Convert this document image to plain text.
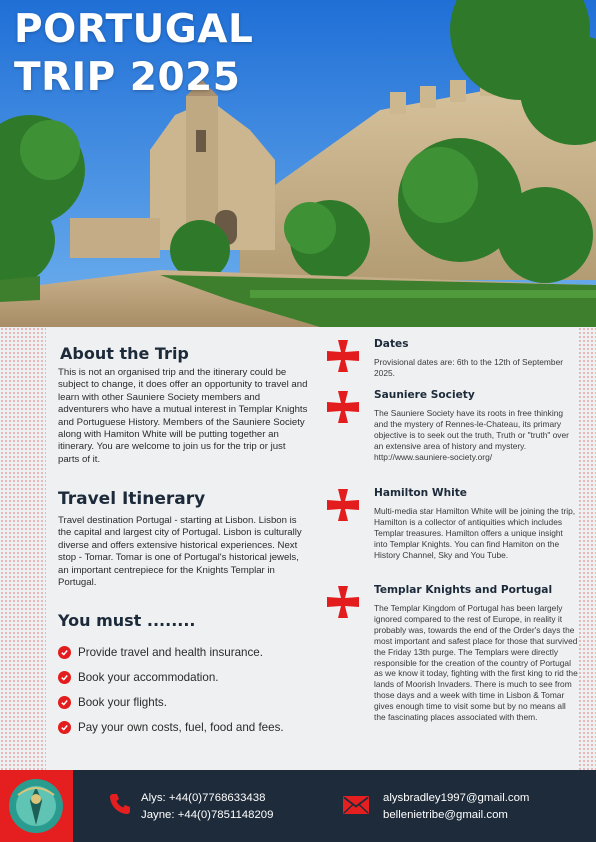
PORTUGAL
TRIP 2025
About the Trip

This is not an organised trip and the itinerary could be subject to change, it does offer an opportunity to travel and learn with other Sauniere Society members and adventurers who have a mutual interest in Templar Knights and Portuguese History. Members of the Sauniere Society along with Hamiton White will be putting together an itinerary. You are welcome to join us for the trip or just parts of it.

Travel Itinerary

Travel destination Portugal - starting at Lisbon. Lisbon is the capital and largest city of Portugal. Lisbon is culturally diverse and offers extensive historical experiences. Next stop - Tomar. Tomar is one of Portugal's historical jewels, an important centrepiece for the Knights Templar in Portugal.

You must ........
Provide travel and health insurance.
Book your accommodation.
Book your flights.
Pay your own costs, fuel, food and fees.
Dates

Provisional dates are: 6th to the 12th of September 2025.

Sauniere Society

The Sauniere Society have its roots in free thinking and the mystery of Rennes-le-Chateau, its primary objective is to seek out the truth, Truth or "truth" over an extensive area of history and mystery.
http://www.sauniere-society.org/

Hamilton White

Multi-media star Hamilton White will be joining the trip, Hamilton is a collector of antiquities which includes Templar treasures. Hamilton offers a unique insight into Templar Knights. You can find Hamiton on the History Channel, Sky and You Tube.

Templar Knights and Portugal

The Templar Kingdom of Portugal has been largely ignored compared to the rest of Europe, in reality it probably was, towards the end of the Order's days the most important and safest place for those that survived the Friday 13th purge. The Templars were directly responsible for the creation of the country of Portugal as we know it today, fighting with the first king to rid the lands of Moorish Invaders. There is much to see from those days and a week with time in Lisbon & Tomar gives enough time to visit some but by no means all the fascinating places associated with them.

Alys: +44(0)7768633438
Jayne: +44(0)7851148209
alysbradley1997@gmail.com
bellenietribe@gmail.com
